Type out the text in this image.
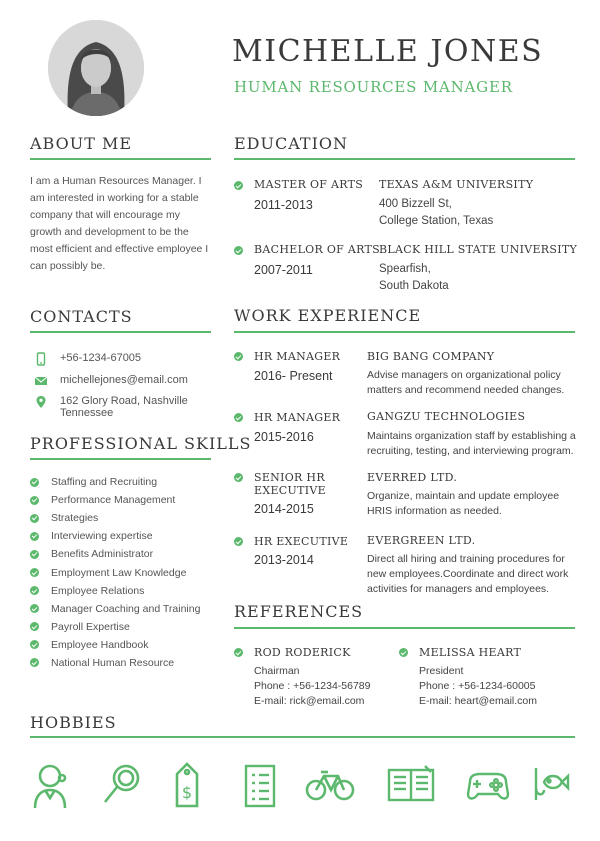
MICHELLE JONES
HUMAN RESOURCES MANAGER
ABOUT ME
I am a Human Resources Manager. I am interested in working for a stable company that will encourage my growth and development to be the most efficient and effective employee I can possibly be.
CONTACTS
+56-1234-67005
michellejones@email.com
162 Glory Road, Nashville Tennessee
PROFESSIONAL SKILLS
Staffing and Recruiting
Performance Management
Strategies
Interviewing expertise
Benefits Administrator
Employment Law Knowledge
Employee Relations
Manager Coaching and Training
Payroll Expertise
Employee Handbook
National Human Resource
EDUCATION
MASTER OF ARTS
2011-2013
TEXAS A&M UNIVERSITY
400 Bizzell St,
College Station, Texas
BACHELOR OF ARTS
2007-2011
BLACK HILL STATE UNIVERSITY
Spearfish,
South Dakota
WORK EXPERIENCE
HR MANAGER
2016- Present
BIG BANG COMPANY
Advise managers on organizational policy matters and recommend needed changes.
HR MANAGER
2015-2016
GANGZU TECHNOLOGIES
Maintains organization staff by establishing a recruiting, testing, and interviewing program.
SENIOR HR
EXECUTIVE
2014-2015
EVERRED LTD.
Organize, maintain and update employee HRIS information as needed.
HR EXECUTIVE
2013-2014
EVERGREEN LTD.
Direct all hiring and training procedures for new employees.Coordinate and direct work activities for managers and employees.
REFERENCES
ROD RODERICK
Chairman
Phone : +56-1234-56789
E-mail: rick@email.com
MELISSA HEART
President
Phone : +56-1234-60005
E-mail: heart@email.com
HOBBIES
$
